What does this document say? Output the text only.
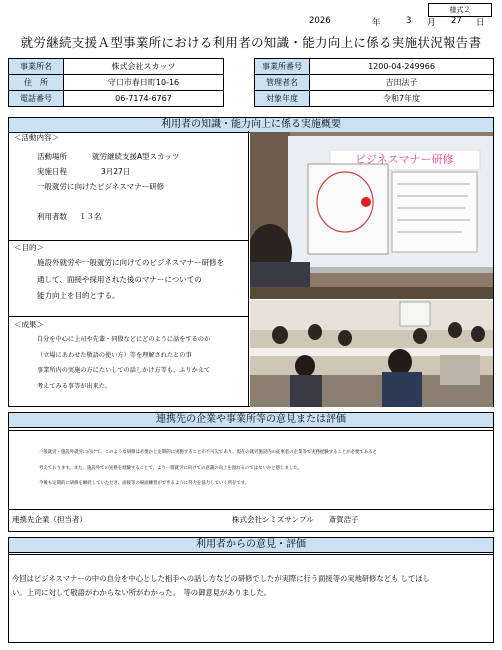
様式２
2026	年	3 月 27 日
就労継続支援Ａ型事業所における利用者の知識・能力向上に係る実施状況報告書
事業所名	株式会社スカッツ
住　所	守口市春日町10-16
電話番号	06-7174-6767
事業所番号	1200-04-249966
管理者名	吉田法子
対象年度	令和7年度
利用者の知識・能力向上に係る実施概要
＜活動内容＞
活動場所	就労継続支援A型スカッツ
実施日程	3月27日
一般就労に向けたビジネスマナー研修
利用者数 １３名
＜目的＞
施設外就労や一般就労に向けてのビジネスマナー研修を
通して、面接や採用された後のマナーについての
能力向上を目的とする。
＜成果＞
自分を中心に上司や先輩・同僚などにどのように話をするのか
（立場にあわせた敬語の使い方）等を理解されたとの事
事業所内の実施の方にたいしての話しかけ方等も、ふりかえて
考えてみる事等が出来た。
ビジネスマナー研修
連携先の企業や事業所等の意見または評価
一般就労・施設外就労に向けて、このような研修は必要かと定期的に実施することが不可欠であり、現在の就労施設内の従事者の企業等で実務経験することが必要であると
考えております。また、施設外での実務を経験することで、より一層就労に向けての意識の向上を図れるのではないかと感じました。
今後も定期的に研修を継続していただき、面接等の場面練習ができるように努力を協力していく所存です。
連携先企業（担当者）	株式会社シミズサンプル　　斎賀浩子
利用者からの意見・評価
今回はビジネスマナーの中の自分を中心とした相手への話し方などの研修でしたが実際に行う面接等の実地研修なども してほし
い。上司に対して敬語がわからない所がわかった。　等の御意見がありました。
